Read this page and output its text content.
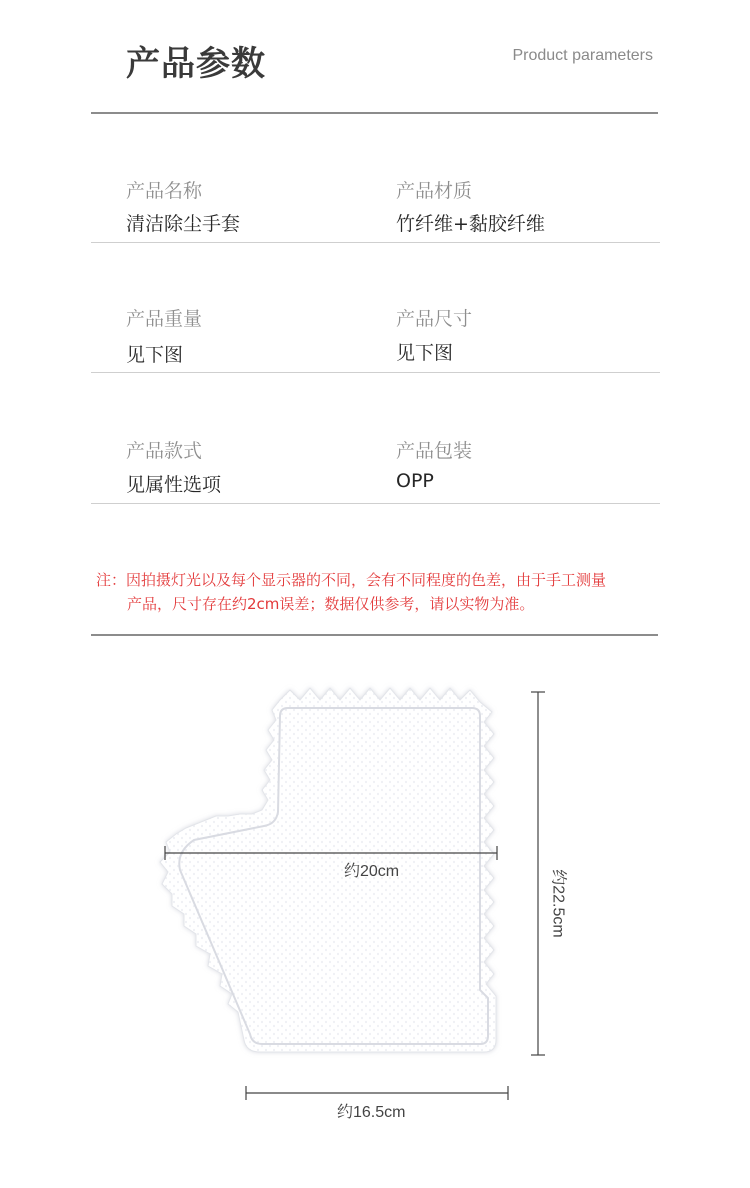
产品参数	Product parameters
产品名称
清洁除尘手套
产品材质
竹纤维+黏胶纤维
产品重量
见下图
产品尺寸
见下图
产品款式
见属性选项
产品包装
OPP
注：因拍摄灯光以及每个显示器的不同，会有不同程度的色差，由于手工测量
产品，尺寸存在约2cm误差；数据仅供参考，请以实物为准。
约20cm	约22.5cm
约16.5cm
